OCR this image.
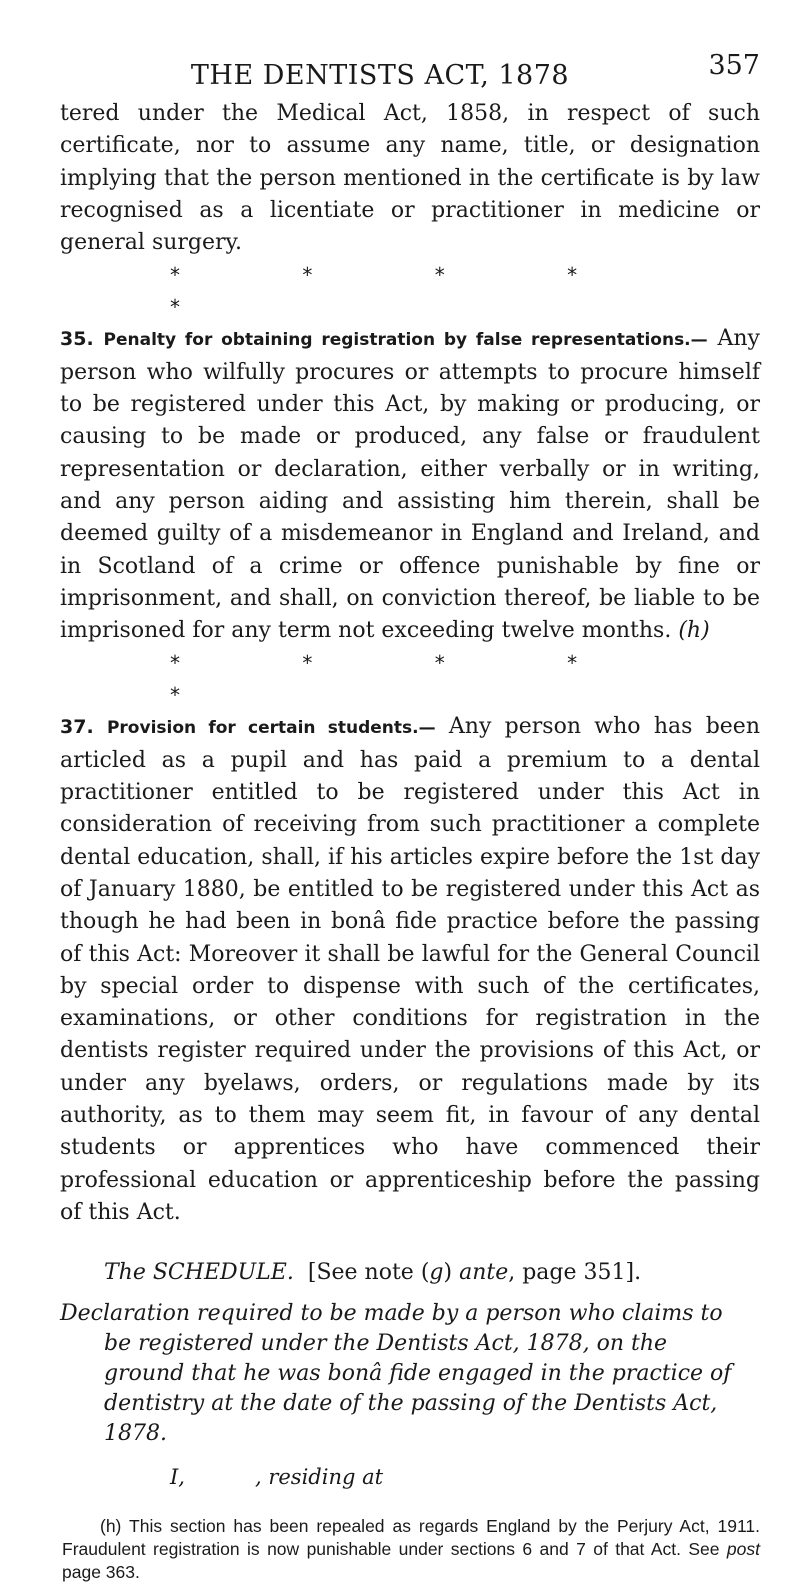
THE DENTISTS ACT, 1878	357

tered under the Medical Act, 1858, in respect of such certificate, nor to assume any name, title, or designation implying that the person mentioned in the certificate is by law recognised as a licentiate or practitioner in medicine or general surgery.

* * * * *

35. Penalty for obtaining registration by false representations.— Any person who wilfully procures or attempts to procure himself to be registered under this Act, by making or producing, or causing to be made or produced, any false or fraudulent representation or declaration, either verbally or in writing, and any person aiding and assisting him therein, shall be deemed guilty of a misdemeanor in England and Ireland, and in Scotland of a crime or offence punishable by fine or imprisonment, and shall, on conviction thereof, be liable to be imprisoned for any term not exceeding twelve months. (h)

* * * * *

37. Provision for certain students.— Any person who has been articled as a pupil and has paid a premium to a dental practitioner entitled to be registered under this Act in consideration of receiving from such practitioner a complete dental education, shall, if his articles expire before the 1st day of January 1880, be entitled to be registered under this Act as though he had been in bonâ fide practice before the passing of this Act: Moreover it shall be lawful for the General Council by special order to dispense with such of the certificates, examinations, or other conditions for registration in the dentists register required under the provisions of this Act, or under any byelaws, orders, or regulations made by its authority, as to them may seem fit, in favour of any dental students or apprentices who have commenced their professional education or apprenticeship before the passing of this Act.

The SCHEDULE. [See note (g) ante, page 351].

Declaration required to be made by a person who claims to be registered under the Dentists Act, 1878, on the ground that he was bonâ fide engaged in the practice of dentistry at the date of the passing of the Dentists Act, 1878.

I,	, residing at

(h) This section has been repealed as regards England by the Perjury Act, 1911. Fraudulent registration is now punishable under sections 6 and 7 of that Act. See post page 363.
